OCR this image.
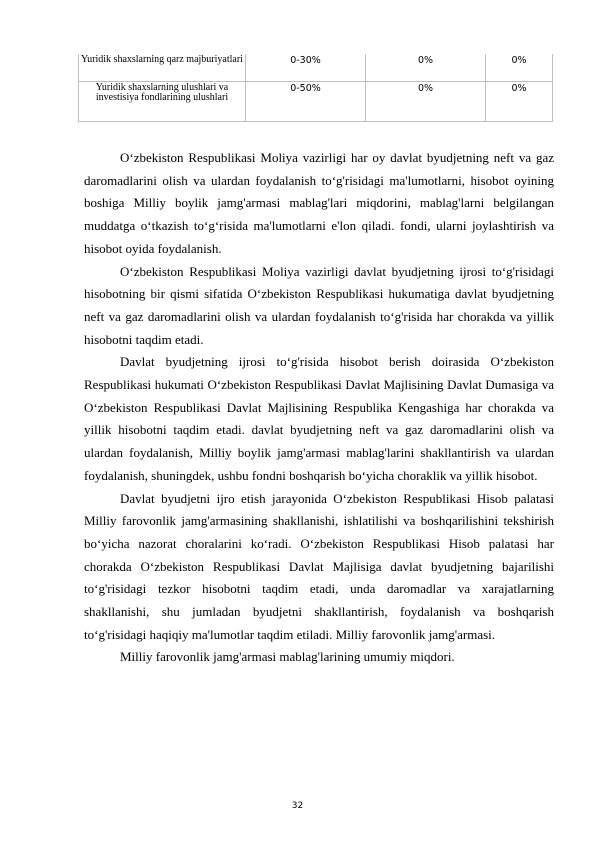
Yuridik shaxslarning qarz majburiyatlari	0-30%	0%	0%
Yuridik shaxslarning ulushlari va investisiya fondlarining ulushlari	0-50%	0%	0%

O‘zbekiston Respublikasi Moliya vazirligi har oy davlat byudjetning neft va gaz daromadlarini olish va ulardan foydalanish to‘g'risidagi ma'lumotlarni, hisobot oyining boshiga Milliy boylik jamg'armasi mablag'lari miqdorini, mablag'larni belgilangan muddatga o‘tkazish to‘g‘risida ma'lumotlarni e'lon qiladi. fondi, ularni joylashtirish va hisobot oyida foydalanish.

O‘zbekiston Respublikasi Moliya vazirligi davlat byudjetning ijrosi to‘g'risidagi hisobotning bir qismi sifatida O‘zbekiston Respublikasi hukumatiga davlat byudjetning neft va gaz daromadlarini olish va ulardan foydalanish to‘g'risida har chorakda va yillik hisobotni taqdim etadi.

Davlat byudjetning ijrosi to‘g'risida hisobot berish doirasida O‘zbekiston Respublikasi hukumati O‘zbekiston Respublikasi Davlat Majlisining Davlat Dumasiga va O‘zbekiston Respublikasi Davlat Majlisining Respublika Kengashiga har chorakda va yillik hisobotni taqdim etadi. davlat byudjetning neft va gaz daromadlarini olish va ulardan foydalanish, Milliy boylik jamg'armasi mablag'larini shakllantirish va ulardan foydalanish, shuningdek, ushbu fondni boshqarish bo‘yicha choraklik va yillik hisobot.

Davlat byudjetni ijro etish jarayonida O‘zbekiston Respublikasi Hisob palatasi Milliy farovonlik jamg'armasining shakllanishi, ishlatilishi va boshqarilishini tekshirish bo‘yicha nazorat choralarini ko‘radi. O‘zbekiston Respublikasi Hisob palatasi har chorakda O‘zbekiston Respublikasi Davlat Majlisiga davlat byudjetning bajarilishi to‘g'risidagi tezkor hisobotni taqdim etadi, unda daromadlar va xarajatlarning shakllanishi, shu jumladan byudjetni shakllantirish, foydalanish va boshqarish to‘g'risidagi haqiqiy ma'lumotlar taqdim etiladi. Milliy farovonlik jamg'armasi.

Milliy farovonlik jamg'armasi mablag'larining umumiy miqdori.

32
